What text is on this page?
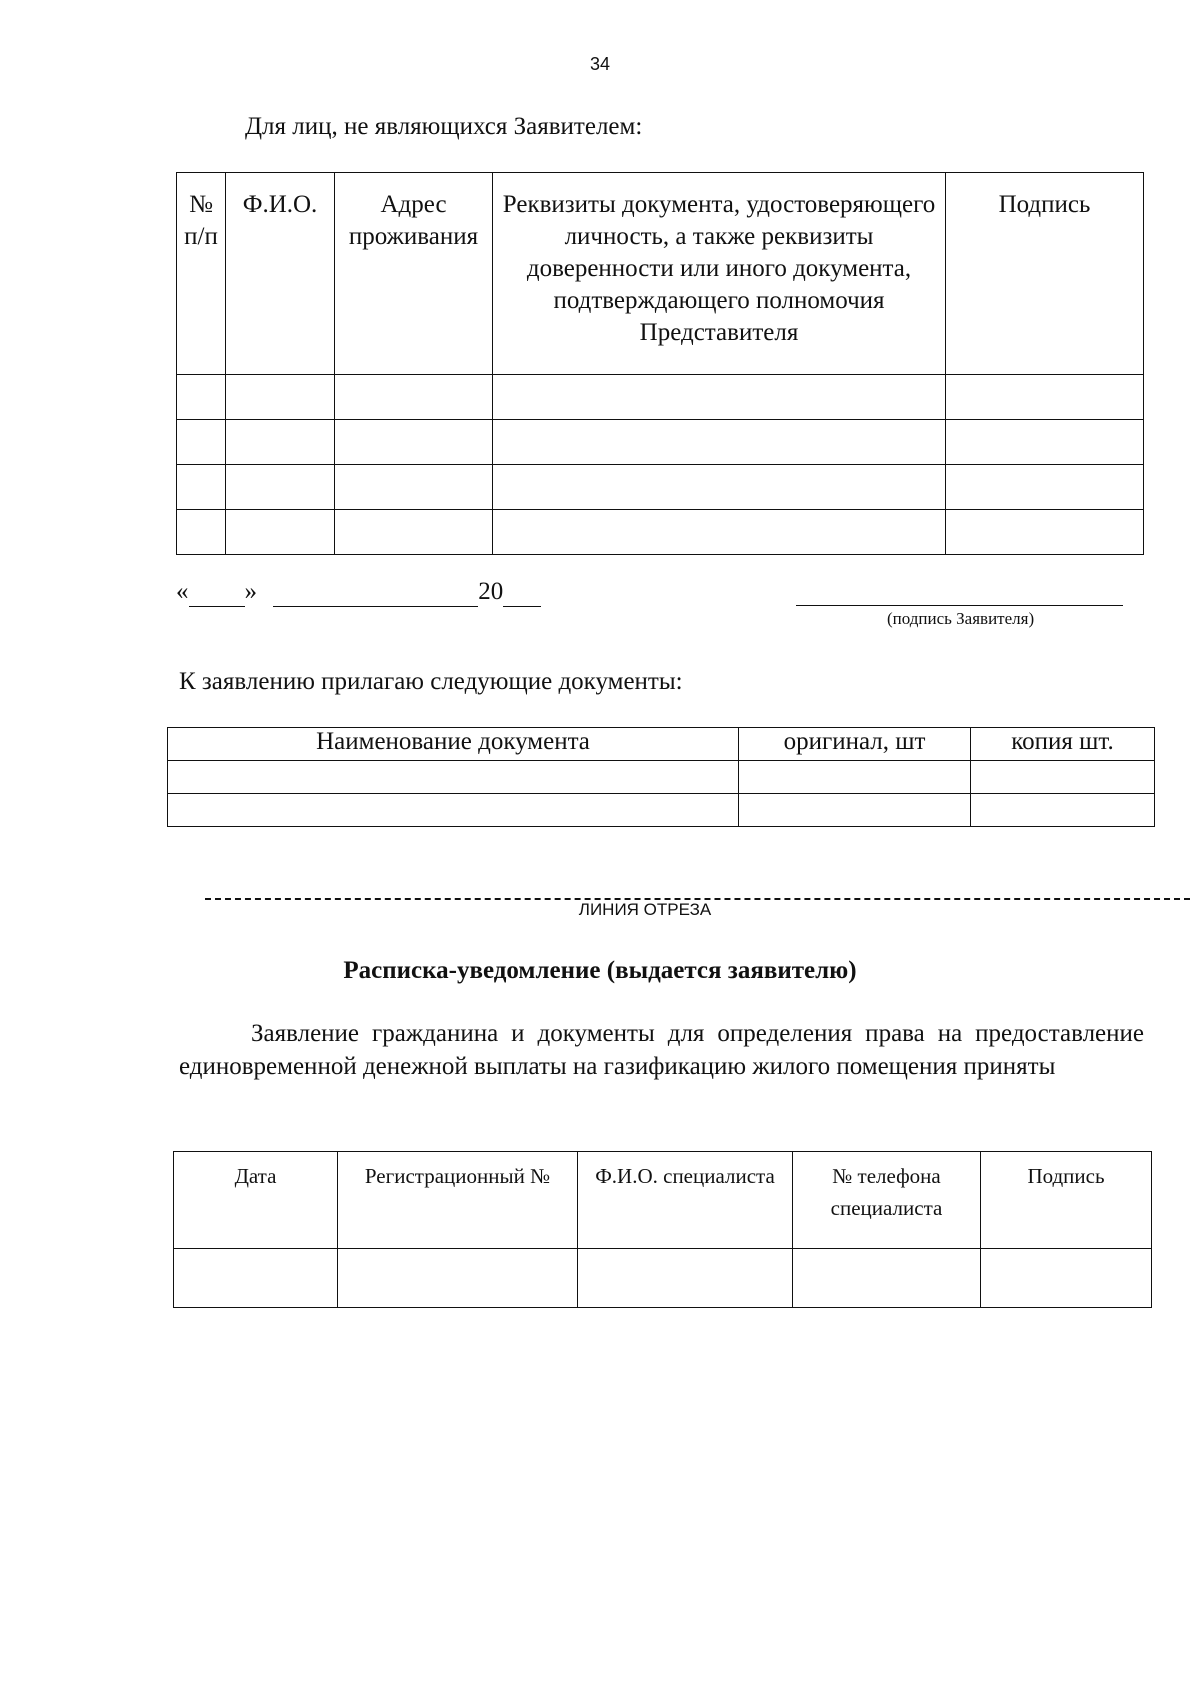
34
Для лиц, не являющихся Заявителем:
№ п/п	Ф.И.О.	Адрес проживания	Реквизиты документа, удостоверяющего личность, а также реквизиты доверенности или иного документа, подтверждающего полномочия Представителя	Подпись

« »	20
(подпись Заявителя)
К заявлению прилагаю следующие документы:
Наименование документа	оригинал, шт	копия шт.

ЛИНИЯ ОТРЕЗА
Расписка-уведомление (выдается заявителю)
Заявление гражданина и документы для определения права на предоставление единовременной денежной выплаты на газификацию жилого помещения приняты
Дата	Регистрационный №	Ф.И.О. специалиста	№ телефона специалиста	Подпись
